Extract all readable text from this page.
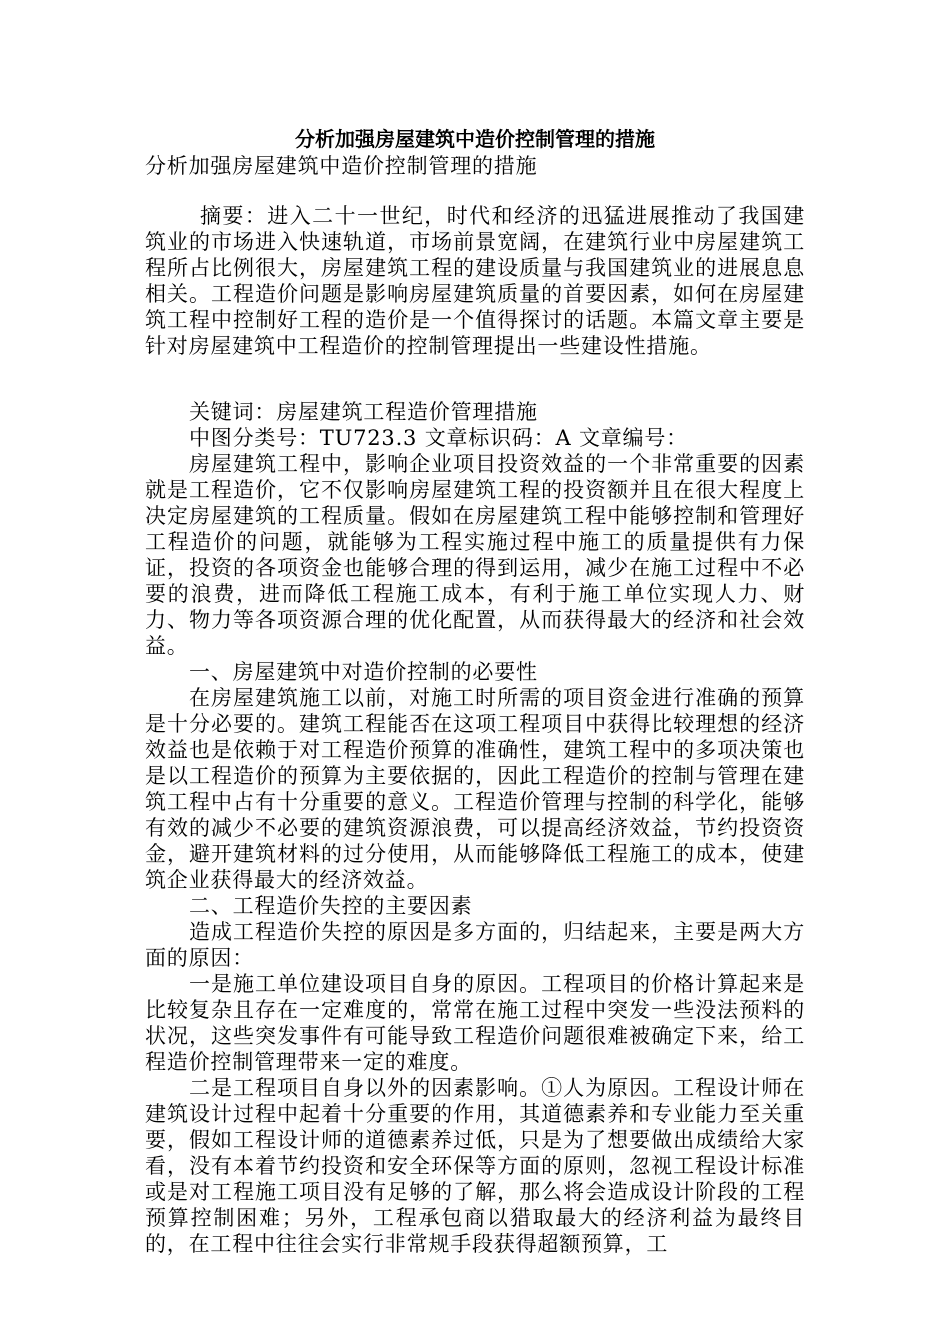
分析加强房屋建筑中造价控制管理的措施
分析加强房屋建筑中造价控制管理的措施

摘要：进入二十一世纪，时代和经济的迅猛进展推动了我国建筑业的市场进入快速轨道，市场前景宽阔，在建筑行业中房屋建筑工程所占比例很大，房屋建筑工程的建设质量与我国建筑业的进展息息相关。工程造价问题是影响房屋建筑质量的首要因素，如何在房屋建筑工程中控制好工程的造价是一个值得探讨的话题。本篇文章主要是针对房屋建筑中工程造价的控制管理提出一些建设性措施。

关键词：房屋建筑工程造价管理措施

中图分类号：TU723.3 文章标识码：A 文章编号：

房屋建筑工程中，影响企业项目投资效益的一个非常重要的因素就是工程造价，它不仅影响房屋建筑工程的投资额并且在很大程度上决定房屋建筑的工程质量。假如在房屋建筑工程中能够控制和管理好工程造价的问题，就能够为工程实施过程中施工的质量提供有力保证，投资的各项资金也能够合理的得到运用，减少在施工过程中不必要的浪费，进而降低工程施工成本，有利于施工单位实现人力、财力、物力等各项资源合理的优化配置，从而获得最大的经济和社会效益。

一、房屋建筑中对造价控制的必要性

在房屋建筑施工以前，对施工时所需的项目资金进行准确的预算是十分必要的。建筑工程能否在这项工程项目中获得比较理想的经济效益也是依赖于对工程造价预算的准确性，建筑工程中的多项决策也是以工程造价的预算为主要依据的，因此工程造价的控制与管理在建筑工程中占有十分重要的意义。工程造价管理与控制的科学化，能够有效的减少不必要的建筑资源浪费，可以提高经济效益，节约投资资金，避开建筑材料的过分使用，从而能够降低工程施工的成本，使建筑企业获得最大的经济效益。

二、工程造价失控的主要因素

造成工程造价失控的原因是多方面的，归结起来，主要是两大方面的原因：

一是施工单位建设项目自身的原因。工程项目的价格计算起来是比较复杂且存在一定难度的，常常在施工过程中突发一些没法预料的状况，这些突发事件有可能导致工程造价问题很难被确定下来，给工程造价控制管理带来一定的难度。

二是工程项目自身以外的因素影响。①人为原因。工程设计师在建筑设计过程中起着十分重要的作用，其道德素养和专业能力至关重要，假如工程设计师的道德素养过低，只是为了想要做出成绩给大家看，没有本着节约投资和安全环保等方面的原则，忽视工程设计标准或是对工程施工项目没有足够的了解，那么将会造成设计阶段的工程预算控制困难；另外，工程承包商以猎取最大的经济利益为最终目的，在工程中往往会实行非常规手段获得超额预算，工
